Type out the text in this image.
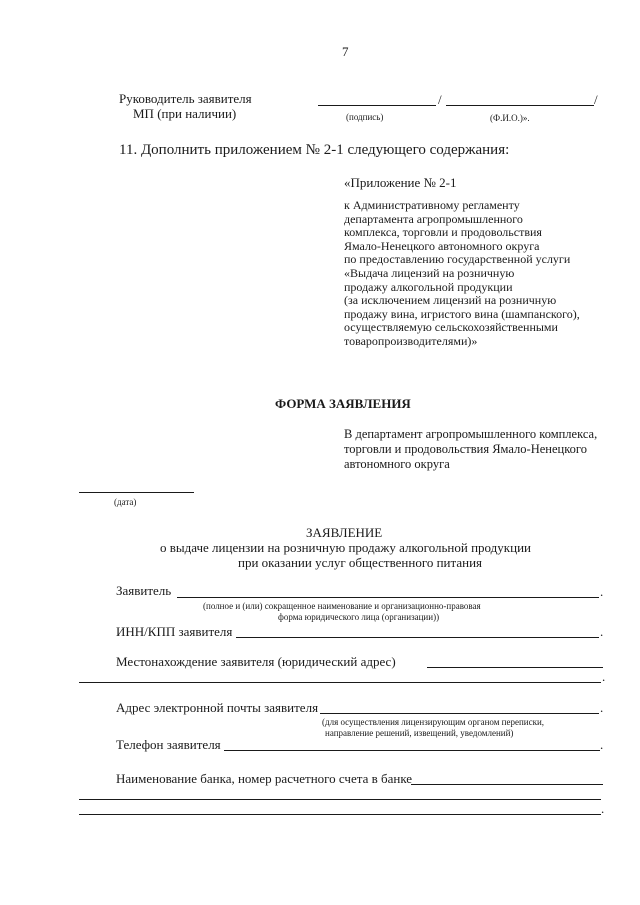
7

Руководитель заявителя

МП (при наличии)

/	/

(подпись)	(Ф.И.О.)».

11. Дополнить приложением № 2-1 следующего содержания:

«Приложение № 2-1

к Административному регламенту
департамента агропромышленного
комплекса, торговли и продовольствия
Ямало-Ненецкого автономного округа
по предоставлению государственной услуги
«Выдача лицензий на розничную
продажу алкогольной продукции
(за исключением лицензий на розничную
продажу вина, игристого вина (шампанского),
осуществляемую сельскохозяйственными
товаропроизводителями)»

ФОРМА ЗАЯВЛЕНИЯ

В департамент агропромышленного комплекса,
торговли и продовольствия Ямало-Ненецкого
автономного округа

(дата)

ЗАЯВЛЕНИЕ

о выдаче лицензии на розничную продажу алкогольной продукции

при оказании услуг общественного питания

Заявитель	.

(полное и (или) сокращенное наименование и организационно-правовая

форма юридического лица (организации))

ИНН/КПП заявителя	.

Местонахождение заявителя (юридический адрес)

.

Адрес электронной почты заявителя	.

(для осуществления лицензирующим органом переписки,

направление решений, извещений, уведомлений)

Телефон заявителя	.

Наименование банка, номер расчетного счета в банке

.
